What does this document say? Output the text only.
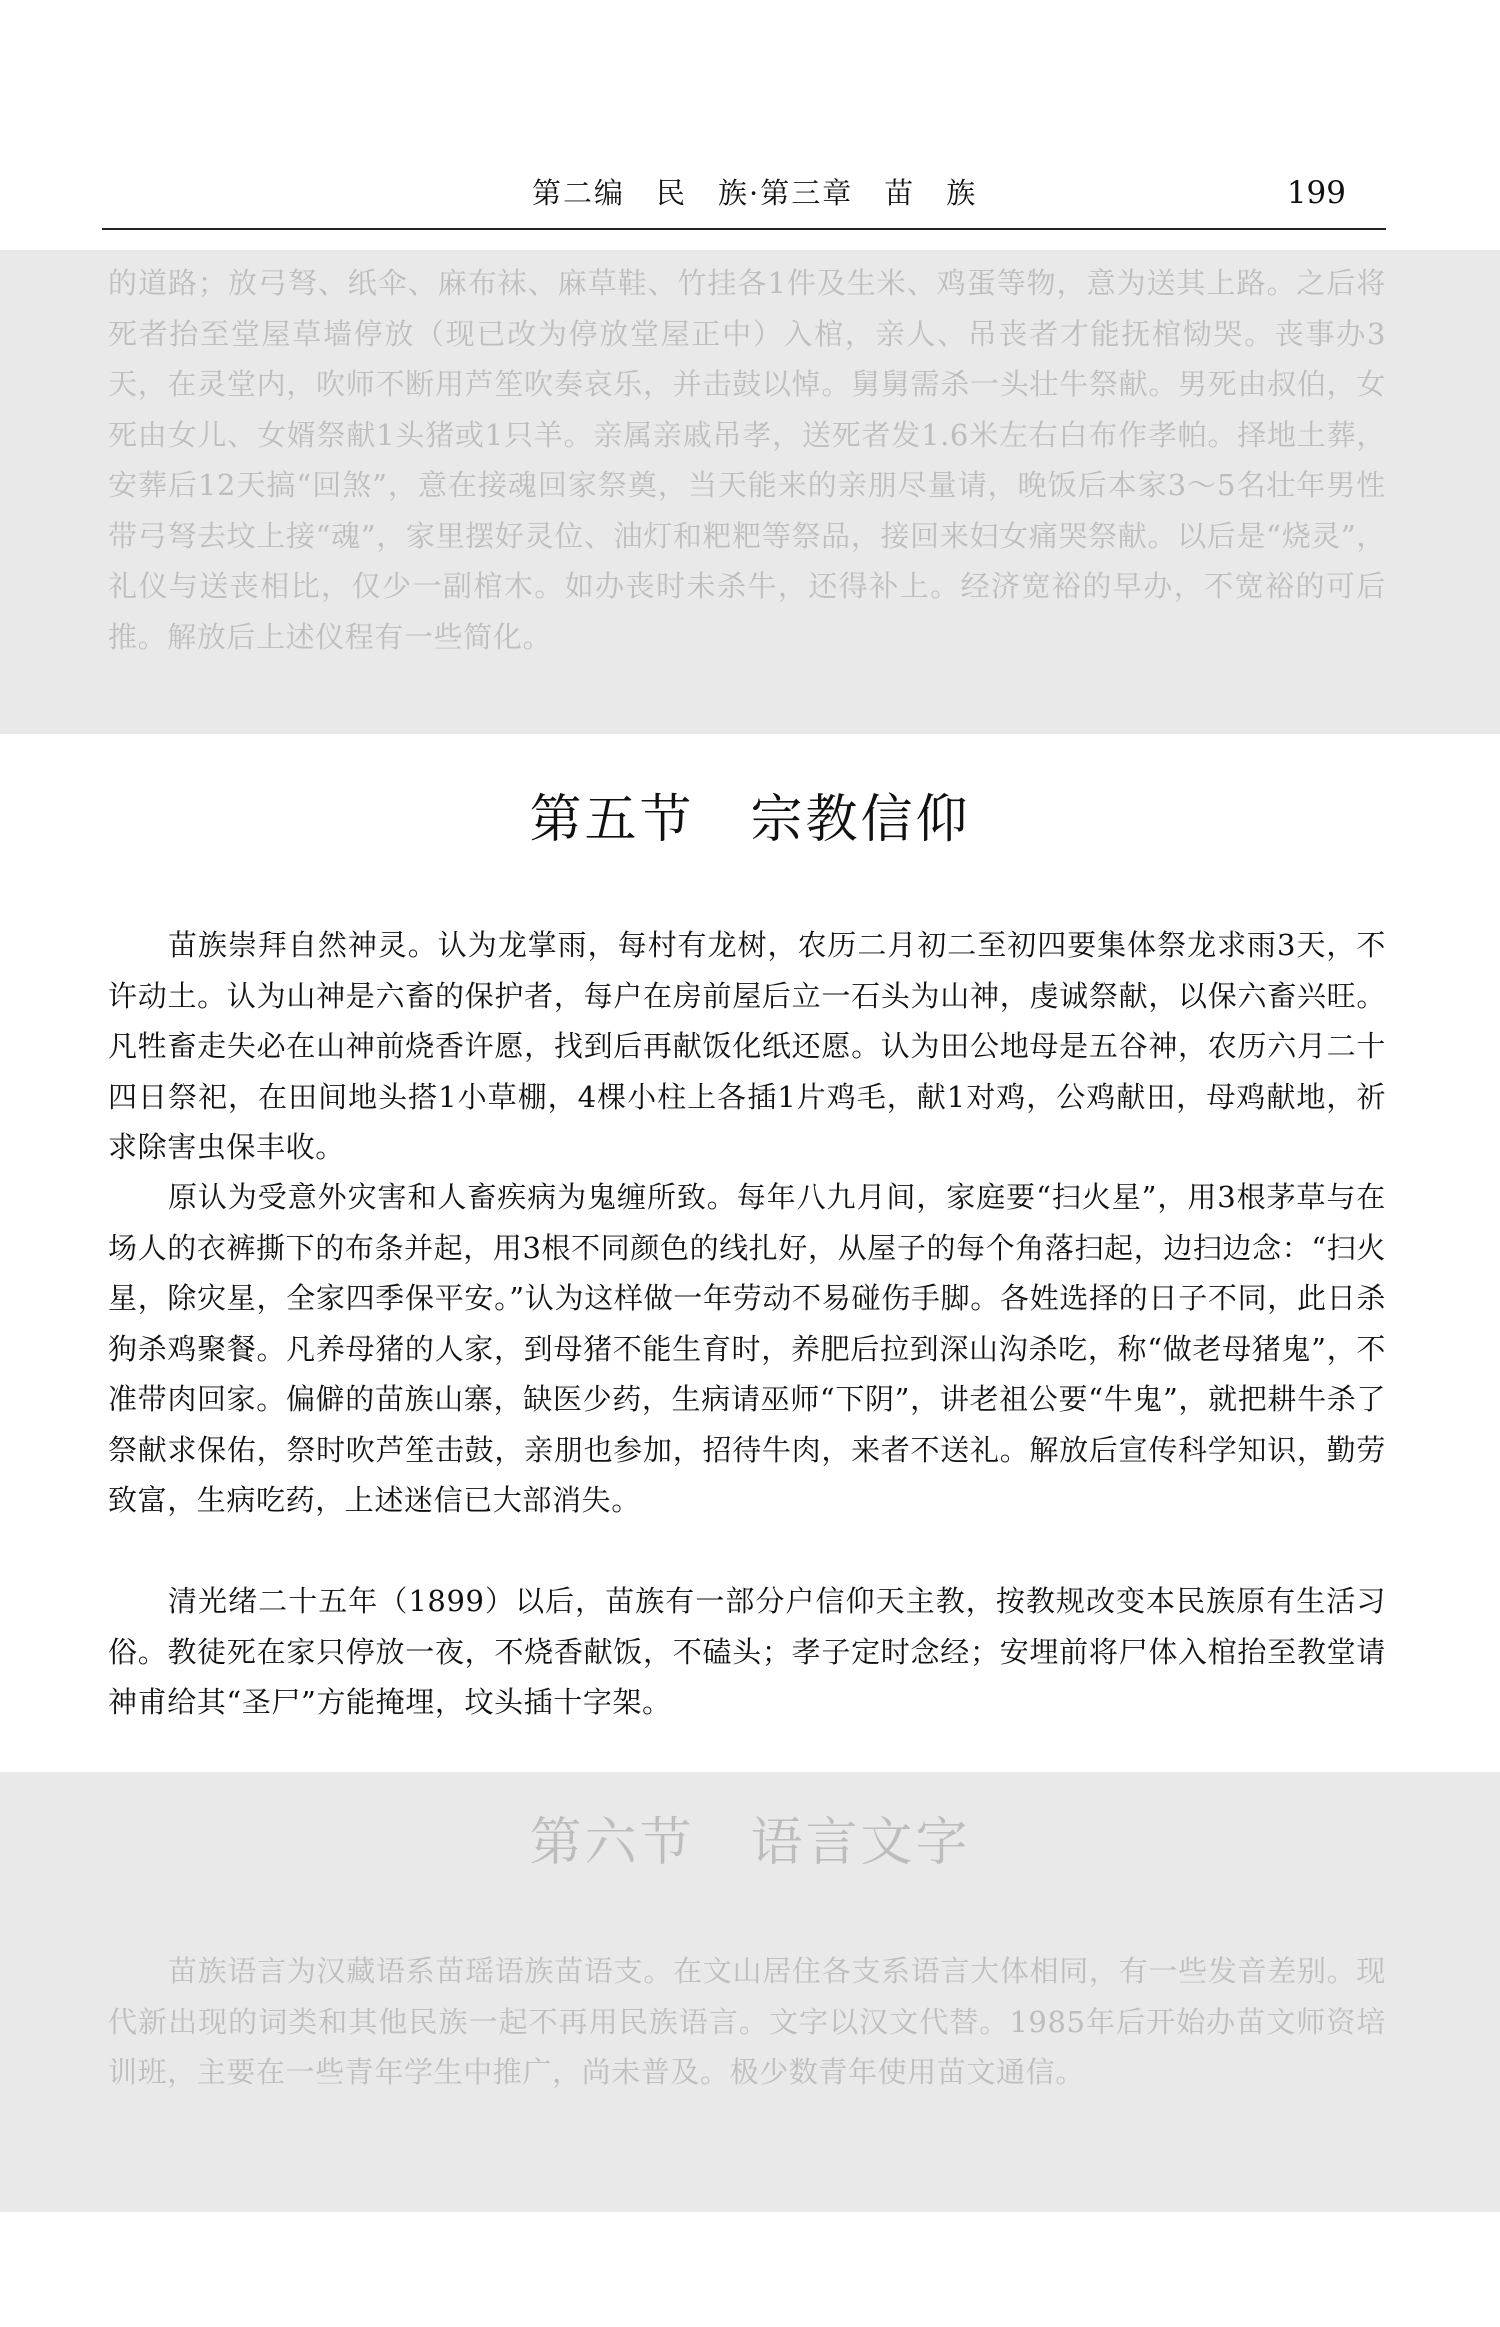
第二编　民　族·第三章　苗　族	199

的道路；放弓弩、纸伞、麻布袜、麻草鞋、竹挂各1件及生米、鸡蛋等物，意为送其上路。之后将死者抬至堂屋草墙停放（现已改为停放堂屋正中）入棺，亲人、吊丧者才能抚棺恸哭。丧事办3天，在灵堂内，吹师不断用芦笙吹奏哀乐，并击鼓以悼。舅舅需杀一头壮牛祭献。男死由叔伯，女死由女儿、女婿祭献1头猪或1只羊。亲属亲戚吊孝，送死者发1.6米左右白布作孝帕。择地土葬，安葬后12天搞“回煞”，意在接魂回家祭奠，当天能来的亲朋尽量请，晚饭后本家3～5名壮年男性带弓弩去坟上接“魂”，家里摆好灵位、油灯和粑粑等祭品，接回来妇女痛哭祭献。以后是“烧灵”，礼仪与送丧相比，仅少一副棺木。如办丧时未杀牛，还得补上。经济宽裕的早办，不宽裕的可后推。解放后上述仪程有一些简化。

第五节 宗教信仰

苗族崇拜自然神灵。认为龙掌雨，每村有龙树，农历二月初二至初四要集体祭龙求雨3天，不许动土。认为山神是六畜的保护者，每户在房前屋后立一石头为山神，虔诚祭献，以保六畜兴旺。凡牲畜走失必在山神前烧香许愿，找到后再献饭化纸还愿。认为田公地母是五谷神，农历六月二十四日祭祀，在田间地头搭1小草棚，4棵小柱上各插1片鸡毛，献1对鸡，公鸡献田，母鸡献地，祈求除害虫保丰收。

原认为受意外灾害和人畜疾病为鬼缠所致。每年八九月间，家庭要“扫火星”，用3根茅草与在场人的衣裤撕下的布条并起，用3根不同颜色的线扎好，从屋子的每个角落扫起，边扫边念：“扫火星，除灾星，全家四季保平安。”认为这样做一年劳动不易碰伤手脚。各姓选择的日子不同，此日杀狗杀鸡聚餐。凡养母猪的人家，到母猪不能生育时，养肥后拉到深山沟杀吃，称“做老母猪鬼”，不准带肉回家。偏僻的苗族山寨，缺医少药，生病请巫师“下阴”，讲老祖公要“牛鬼”，就把耕牛杀了祭献求保佑，祭时吹芦笙击鼓，亲朋也参加，招待牛肉，来者不送礼。解放后宣传科学知识，勤劳致富，生病吃药，上述迷信已大部消失。

清光绪二十五年（1899）以后，苗族有一部分户信仰天主教，按教规改变本民族原有生活习俗。教徒死在家只停放一夜，不烧香献饭，不磕头；孝子定时念经；安埋前将尸体入棺抬至教堂请神甫给其“圣尸”方能掩埋，坟头插十字架。

第六节 语言文字

苗族语言为汉藏语系苗瑶语族苗语支。在文山居住各支系语言大体相同，有一些发音差别。现代新出现的词类和其他民族一起不再用民族语言。文字以汉文代替。1985年后开始办苗文师资培训班，主要在一些青年学生中推广，尚未普及。极少数青年使用苗文通信。
